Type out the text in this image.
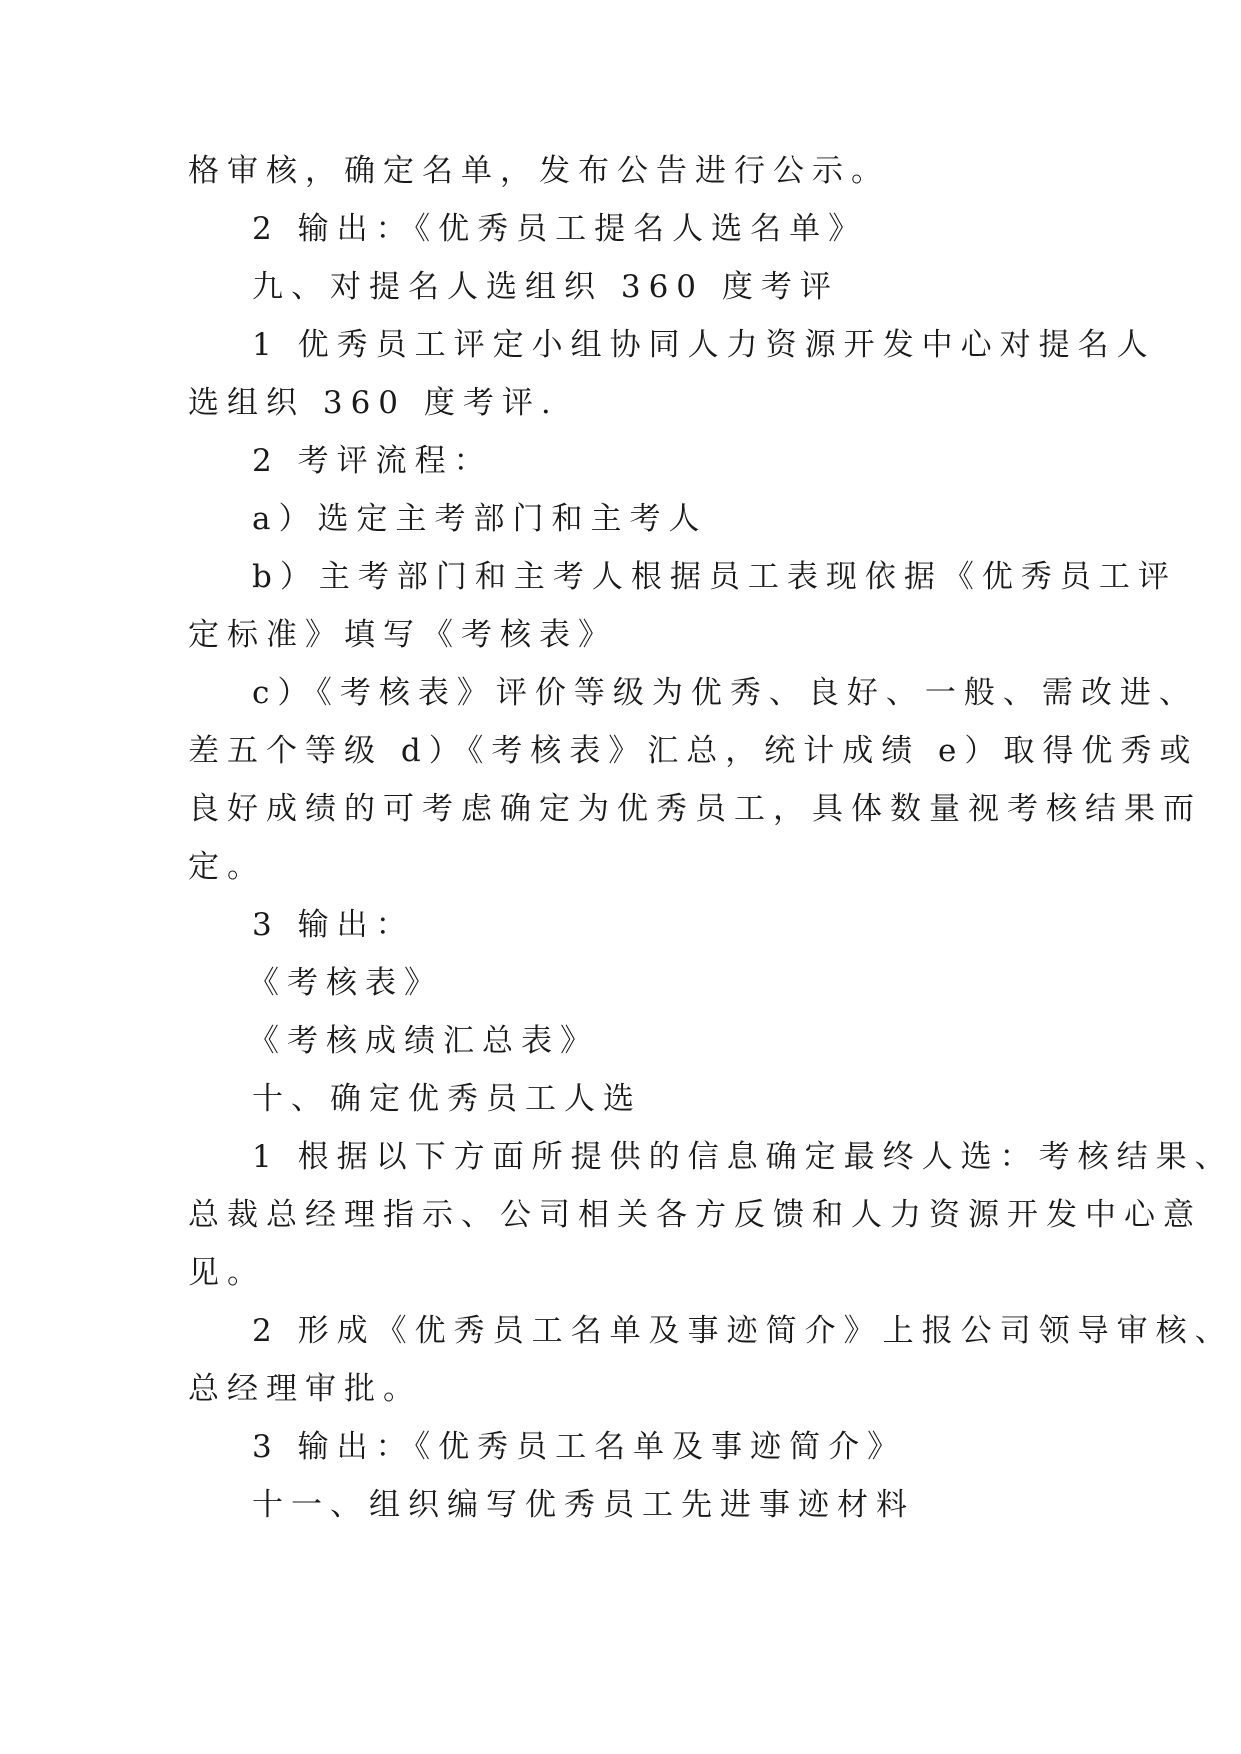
格审核，确定名单，发布公告进行公示。
2 输出：《优秀员工提名人选名单》
九、对提名人选组织 360 度考评
1 优秀员工评定小组协同人力资源开发中心对提名人
选组织 360 度考评.
2 考评流程：
a）选定主考部门和主考人
b）主考部门和主考人根据员工表现依据《优秀员工评
定标准》填写《考核表》
c）《考核表》评价等级为优秀、良好、一般、需改进、
差五个等级 d）《考核表》汇总，统计成绩 e）取得优秀或
良好成绩的可考虑确定为优秀员工，具体数量视考核结果而
定。
3 输出：
《考核表》
《考核成绩汇总表》
十、确定优秀员工人选
1 根据以下方面所提供的信息确定最终人选：考核结果、
总裁总经理指示、公司相关各方反馈和人力资源开发中心意
见。
2 形成《优秀员工名单及事迹简介》上报公司领导审核、
总经理审批。
3 输出：《优秀员工名单及事迹简介》
十一、组织编写优秀员工先进事迹材料
